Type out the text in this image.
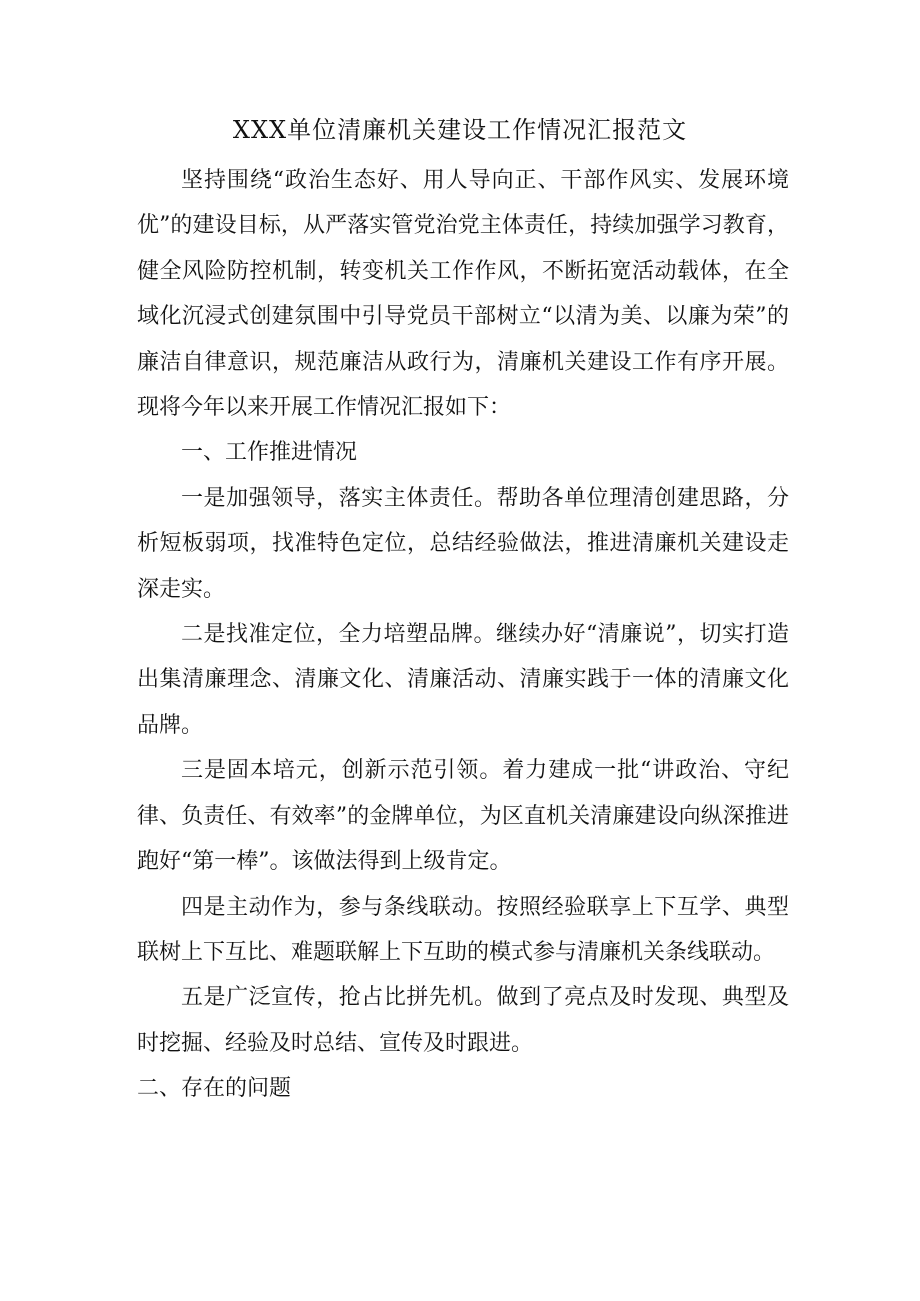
XXX单位清廉机关建设工作情况汇报范文

坚持围绕“政治生态好、用人导向正、干部作风实、发展环境优”的建设目标，从严落实管党治党主体责任，持续加强学习教育，健全风险防控机制，转变机关工作作风，不断拓宽活动载体，在全域化沉浸式创建氛围中引导党员干部树立“以清为美、以廉为荣”的廉洁自律意识，规范廉洁从政行为，清廉机关建设工作有序开展。现将今年以来开展工作情况汇报如下：

一、工作推进情况

一是加强领导，落实主体责任。帮助各单位理清创建思路，分析短板弱项，找准特色定位，总结经验做法，推进清廉机关建设走深走实。

二是找准定位，全力培塑品牌。继续办好“清廉说”，切实打造出集清廉理念、清廉文化、清廉活动、清廉实践于一体的清廉文化品牌。

三是固本培元，创新示范引领。着力建成一批“讲政治、守纪律、负责任、有效率”的金牌单位，为区直机关清廉建设向纵深推进跑好“第一棒”。该做法得到上级肯定。

四是主动作为，参与条线联动。按照经验联享上下互学、典型联树上下互比、难题联解上下互助的模式参与清廉机关条线联动。

五是广泛宣传，抢占比拼先机。做到了亮点及时发现、典型及时挖掘、经验及时总结、宣传及时跟进。

二、存在的问题
